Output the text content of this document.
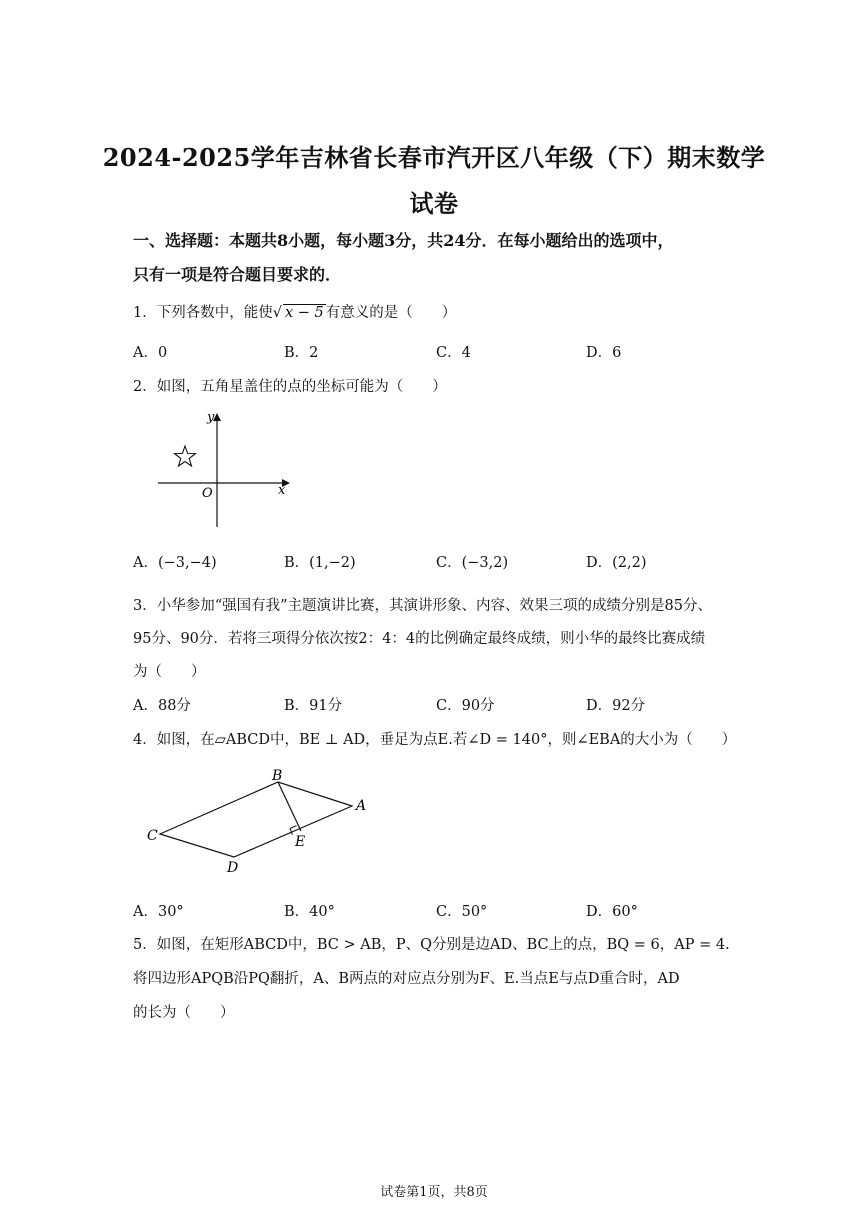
2024-2025学年吉林省长春市汽开区八年级（下）期末数学
试卷
一、选择题：本题共8小题，每小题3分，共24分．在每小题给出的选项中，
只有一项是符合题目要求的．
1．下列各数中，能使√ x − 5 有意义的是（　　）
A．0	B．2	C．4	D．6
2．如图，五角星盖住的点的坐标可能为（　　）
y
x
O
A．(−3,−4)	B．(1,−2)	C．(−3,2)	D．(2,2)
3．小华参加“强国有我”主题演讲比赛，其演讲形象、内容、效果三项的成绩分别是85分、
95分、90分．若将三项得分依次按2：4：4的比例确定最终成绩，则小华的最终比赛成绩
为（　　）
A．88分	B．91分	C．90分	D．92分
4．如图，在▱ABCD中，BE ⊥ AD，垂足为点E.若∠D = 140°，则∠EBA的大小为（　　）
B
A
C
D
E
A．30°	B．40°	C．50°	D．60°
5．如图，在矩形ABCD中，BC > AB，P、Q分别是边AD、BC上的点，BQ = 6，AP = 4.
将四边形APQB沿PQ翻折，A、B两点的对应点分别为F、E.当点E与点D重合时，AD
的长为（　　）
试卷第1页，共8页
